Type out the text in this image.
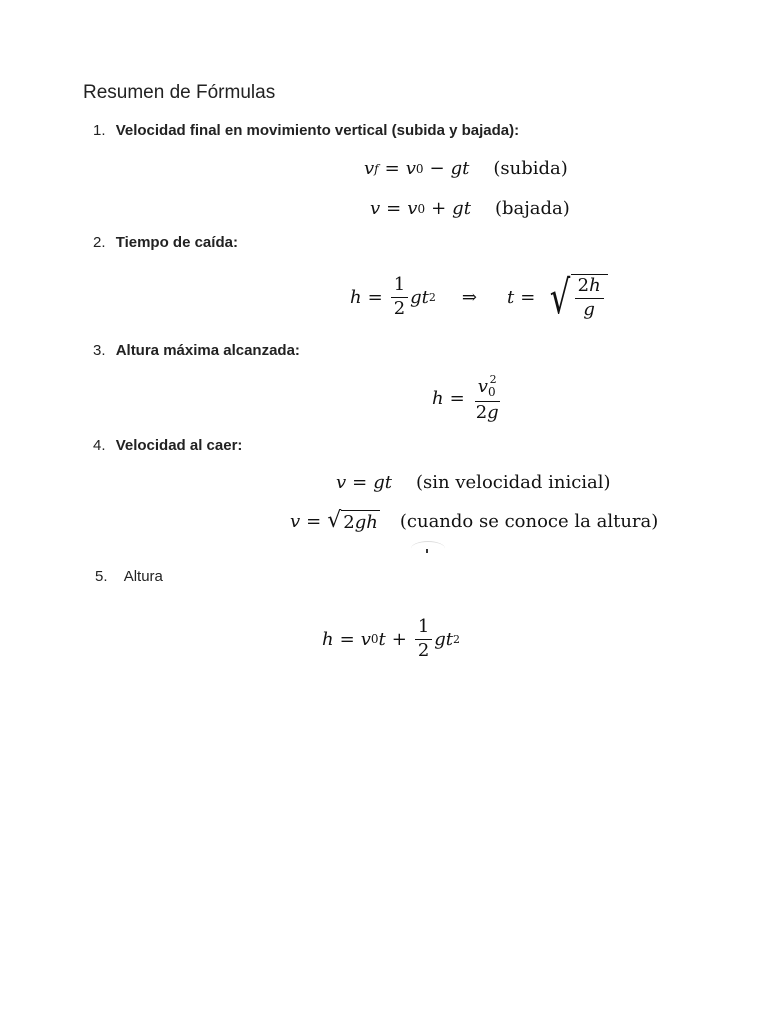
Resumen de Fórmulas
1. Velocidad final en movimiento vertical (subida y bajada):
v f = v 0 − gt (subida)
v = v 0 + gt (bajada)
2. Tiempo de caída:
$h = \frac{1}{2}$ gt 2 ⇒ t = √ $\frac{2h}{g}$
3. Altura máxima alcanzada:
$h = \frac{v_0^2}{2g}$
4. Velocidad al caer:
v = gt (sin velocidad inicial)
v = √ 2 gh (cuando se conoce la altura)
5. Altura
h = v 0 $t + \frac{1}{2}$ gt 2
